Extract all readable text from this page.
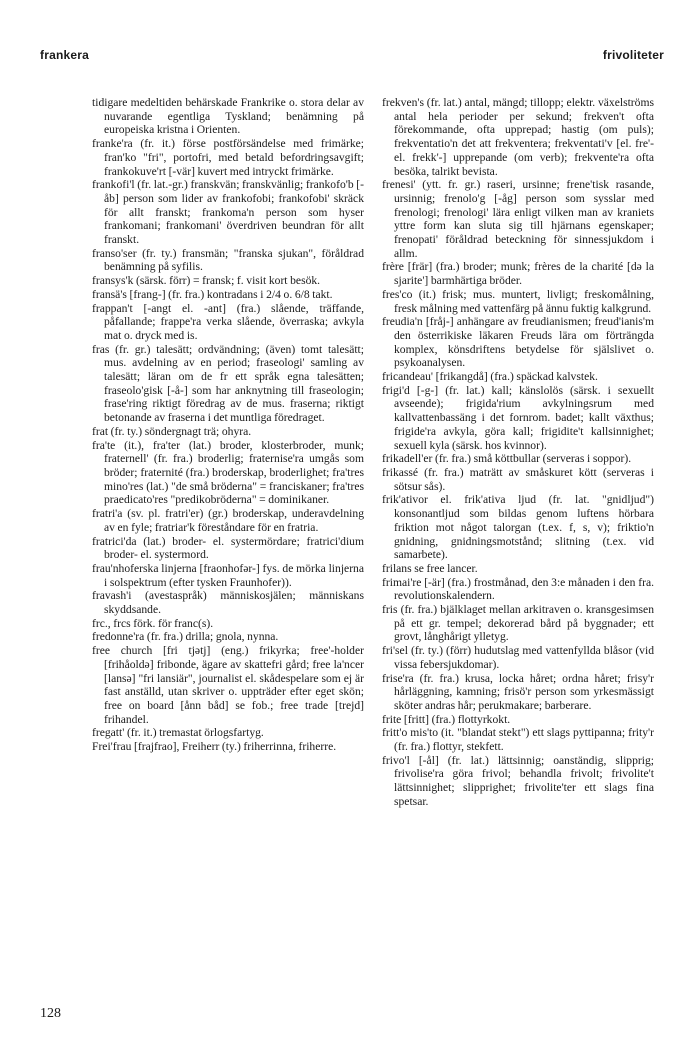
frankera	frivoliteter

tidigare medeltiden behärskade Frankrike o. stora delar av nuvarande egentliga Tyskland; benämning på europeiska kristna i Orienten.

franke'ra (fr. it.) förse postförsändelse med frimärke; fran'ko "fri", portofri, med betald befordringsavgift; frankokuve'rt [-vär] kuvert med intryckt frimärke.

frankofi'l (fr. lat.-gr.) franskvän; franskvänlig; frankofo'b [-åb] person som lider av frankofobi; frankofobi' skräck för allt franskt; frankoma'n person som hyser frankomani; frankomani' överdriven beundran för allt franskt.

franso'ser (fr. ty.) fransmän; "franska sjukan", föråldrad benämning på syfilis.

fransys'k (särsk. förr) = fransk; f. visit kort besök.

fransä's [frang-] (fr. fra.) kontradans i 2/4 o. 6/8 takt.

frappan't [-angt el. -ant] (fra.) slående, träffande, påfallande; frappe'ra verka slående, överraska; avkyla mat o. dryck med is.

fras (fr. gr.) talesätt; ordvändning; (även) tomt talesätt; mus. avdelning av en period; fraseologi' samling av talesätt; läran om de fr ett språk egna talesätten; fraseolo'gisk [-å-] som har anknytning till fraseologin; frase'ring riktigt föredrag av de mus. fraserna; riktigt betonande av fraserna i det muntliga föredraget.

frat (fr. ty.) söndergnagt trä; ohyra.

fra'te (it.), fra'ter (lat.) broder, klosterbroder, munk; fraternell' (fr. fra.) broderlig; fraternise'ra umgås som bröder; fraternité (fra.) broderskap, broderlighet; fra'tres mino'res (lat.) "de små bröderna" = franciskaner; fra'tres praedicato'res "predikobröderna" = dominikaner.

fratri'a (sv. pl. fratri'er) (gr.) broderskap, underavdelning av en fyle; fratriar'k föreståndare för en fratria.

fratrici'da (lat.) broder- el. systermördare; fratrici'dium broder- el. systermord.

frau'nhoferska linjerna [fraonhofər-] fys. de mörka linjerna i solspektrum (efter tysken Fraunhofer)).

fravash'i (avestaspråk) människosjälen; människans skyddsande.

frc., frcs förk. för franc(s).

fredonne'ra (fr. fra.) drilla; gnola, nynna.

free church [fri tjətj] (eng.) frikyrka; free'-holder [frihåoldə] fribonde, ägare av skattefri gård; free la'ncer [lansə] "fri lansiär", journalist el. skådespelare som ej är fast anställd, utan skriver o. uppträder efter eget skön; free on board [ånn båd] se fob.; free trade [trejd] frihandel.

fregatt' (fr. it.) tremastat örlogsfartyg.

Frei'frau [frajfrao], Freiherr (ty.) friherrinna, friherre.

frekven's (fr. lat.) antal, mängd; tillopp; elektr. växelströms antal hela perioder per sekund; frekven't ofta förekommande, ofta upprepad; hastig (om puls); frekventatio'n det att frekventera; frekventati'v [el. fre'- el. frekk'-] upprepande (om verb); frekvente'ra ofta besöka, talrikt bevista.

frenesi' (ytt. fr. gr.) raseri, ursinne; frene'tisk rasande, ursinnig; frenolo'g [-åg] person som sysslar med frenologi; frenologi' lära enligt vilken man av kraniets yttre form kan sluta sig till hjärnans egenskaper; frenopati' föråldrad beteckning för sinnessjukdom i allm.

frère [frär] (fra.) broder; munk; frères de la charité [də la sjarite'] barmhärtiga bröder.

fres'co (it.) frisk; mus. muntert, livligt; freskomålning, fresk målning med vattenfärg på ännu fuktig kalkgrund.

freudia'n [fråj-] anhängare av freudianismen; freud'ianis'm den österrikiske läkaren Freuds lära om förträngda komplex, könsdriftens betydelse för själslivet o. psykoanalysen.

fricandeau' [frikangdå] (fra.) späckad kalvstek.

frigi'd [-g-] (fr. lat.) kall; känslolös (särsk. i sexuellt avseende); frigida'rium avkylningsrum med kallvattenbassäng i det fornrom. badet; kallt växthus; frigide'ra avkyla, göra kall; frigidite't kallsinnighet; sexuell kyla (särsk. hos kvinnor).

frikadell'er (fr. fra.) små köttbullar (serveras i soppor).

frikassé (fr. fra.) maträtt av småskuret kött (serveras i sötsur sås).

frik'ativor el. frik'ativa ljud (fr. lat. "gnidljud") konsonantljud som bildas genom luftens hörbara friktion mot något talorgan (t.ex. f, s, v); friktio'n gnidning, gnidningsmotstånd; slitning (t.ex. vid samarbete).

frilans se free lancer.

frimai're [-är] (fra.) frostmånad, den 3:e månaden i den fra. revolutionskalendern.

fris (fr. fra.) bjälklaget mellan arkitraven o. kransgesimsen på ett gr. tempel; dekorerad bård på byggnader; ett grovt, långhårigt ylletyg.

fri'sel (fr. ty.) (förr) hudutslag med vattenfyllda blåsor (vid vissa febersjukdomar).

frise'ra (fr. fra.) krusa, locka håret; ordna håret; frisy'r hårläggning, kamning; frisö'r person som yrkesmässigt sköter andras hår; perukmakare; barberare.

frite [fritt] (fra.) flottyrkokt.

fritt'o mis'to (it. "blandat stekt") ett slags pyttipanna; frity'r (fr. fra.) flottyr, stekfett.

frivo'l [-ål] (fr. lat.) lättsinnig; oanständig, slipprig; frivolise'ra göra frivol; behandla frivolt; frivolite't lättsinnighet; slipprighet; frivolite'ter ett slags fina spetsar.

128
